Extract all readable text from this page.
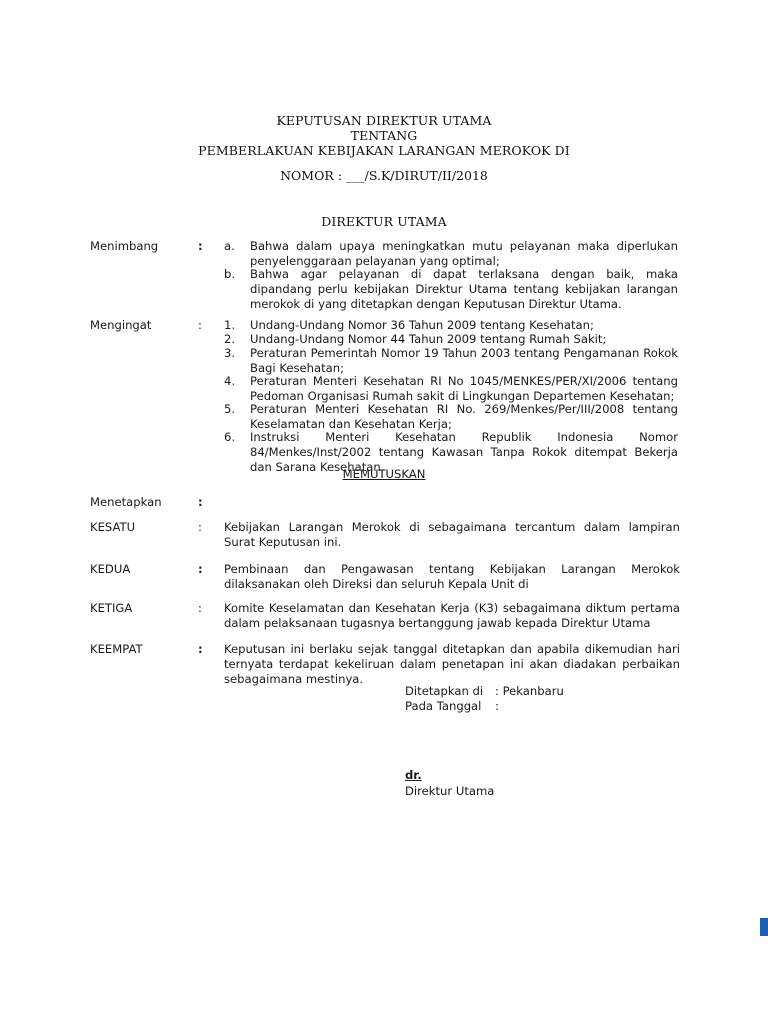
KEPUTUSAN DIREKTUR UTAMA
TENTANG
PEMBERLAKUAN KEBIJAKAN LARANGAN MEROKOK DI
NOMOR : ___/S.K/DIRUT/II/2018
DIREKTUR UTAMA
Menimbang	: a.	Bahwa dalam upaya meningkatkan mutu pelayanan maka diperlukan penyelenggaraan pelayanan yang optimal;
b.	Bahwa agar pelayanan di dapat terlaksana dengan baik, maka dipandang perlu kebijakan Direktur Utama tentang kebijakan larangan merokok di yang ditetapkan dengan Keputusan Direktur Utama.
Mengingat	: 1.	Undang-Undang Nomor 36 Tahun 2009 tentang Kesehatan;
2.	Undang-Undang Nomor 44 Tahun 2009 tentang Rumah Sakit;
3.	Peraturan Pemerintah Nomor 19 Tahun 2003 tentang Pengamanan Rokok Bagi Kesehatan;
4.	Peraturan Menteri Kesehatan RI No 1045/MENKES/PER/XI/2006 tentang Pedoman Organisasi Rumah sakit di Lingkungan Departemen Kesehatan;
5.	Peraturan Menteri Kesehatan RI No. 269/Menkes/Per/III/2008 tentang Keselamatan dan Kesehatan Kerja;
6.	Instruksi Menteri Kesehatan Republik Indonesia Nomor 84/Menkes/Inst/2002 tentang Kawasan Tanpa Rokok ditempat Bekerja dan Sarana Kesehatan.
MEMUTUSKAN
Menetapkan	:
KESATU	: Kebijakan Larangan Merokok di sebagaimana tercantum dalam lampiran Surat Keputusan ini.
KEDUA	: Pembinaan dan Pengawasan tentang Kebijakan Larangan Merokok dilaksanakan oleh Direksi dan seluruh Kepala Unit di
KETIGA	: Komite Keselamatan dan Kesehatan Kerja (K3) sebagaimana diktum pertama dalam pelaksanaan tugasnya bertanggung jawab kepada Direktur Utama
KEEMPAT	: Keputusan ini berlaku sejak tanggal ditetapkan dan apabila dikemudian hari ternyata terdapat kekeliruan dalam penetapan ini akan diadakan perbaikan sebagaimana mestinya.
Ditetapkan di : Pekanbaru
Pada Tanggal :
dr.
Direktur Utama
